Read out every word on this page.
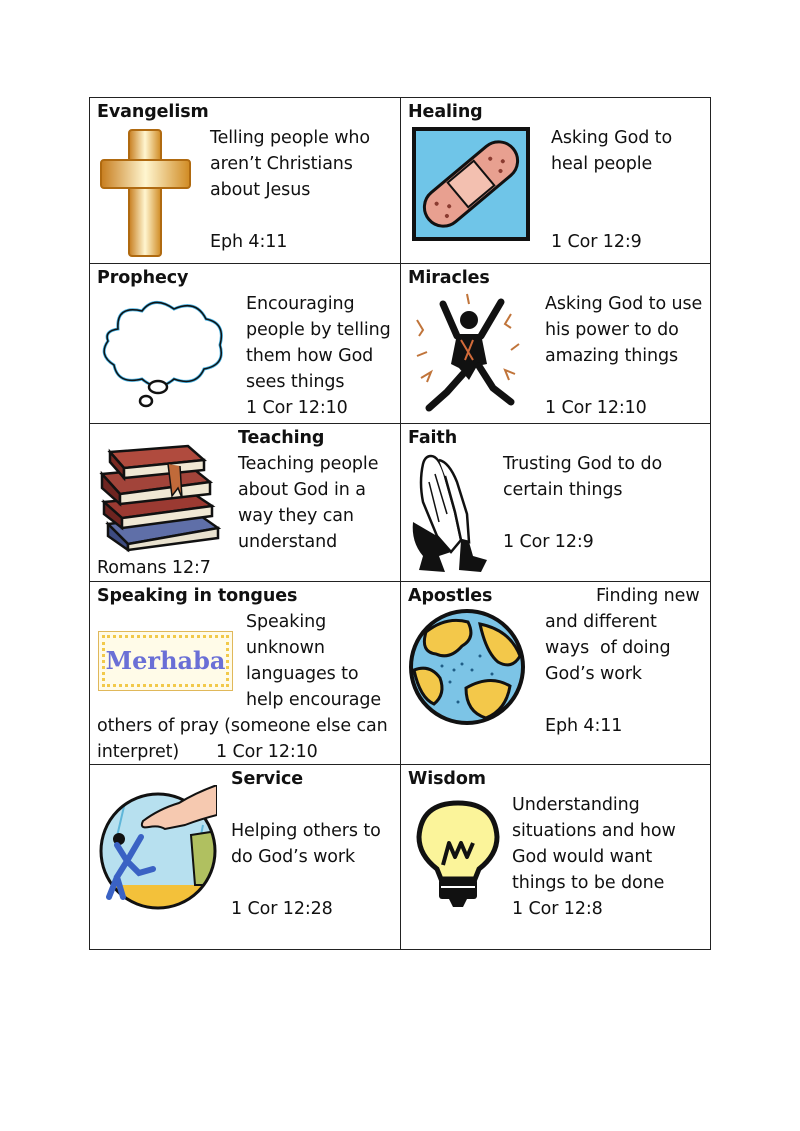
Evangelism
Telling people who
aren’t Christians
about Jesus
Eph 4:11
Healing
Asking God to
heal people
1 Cor 12:9
Prophecy
Encouraging
people by telling
them how God
sees things
1 Cor 12:10
Miracles
Asking God to use
his power to do
amazing things
1 Cor 12:10
Teaching
Teaching people
about God in a
way they can
understand
Romans 12:7
Faith
Trusting God to do
certain things
1 Cor 12:9
Speaking in tongues
Merhaba
Speaking
unknown
languages to
help encourage
others of pray (someone else can
interpret) 1 Cor 12:10
Apostles	Finding new
and different
ways  of doing
God’s work
Eph 4:11
Service
Helping others to
do God’s work
1 Cor 12:28
Wisdom
Understanding
situations and how
God would want
things to be done
1 Cor 12:8
